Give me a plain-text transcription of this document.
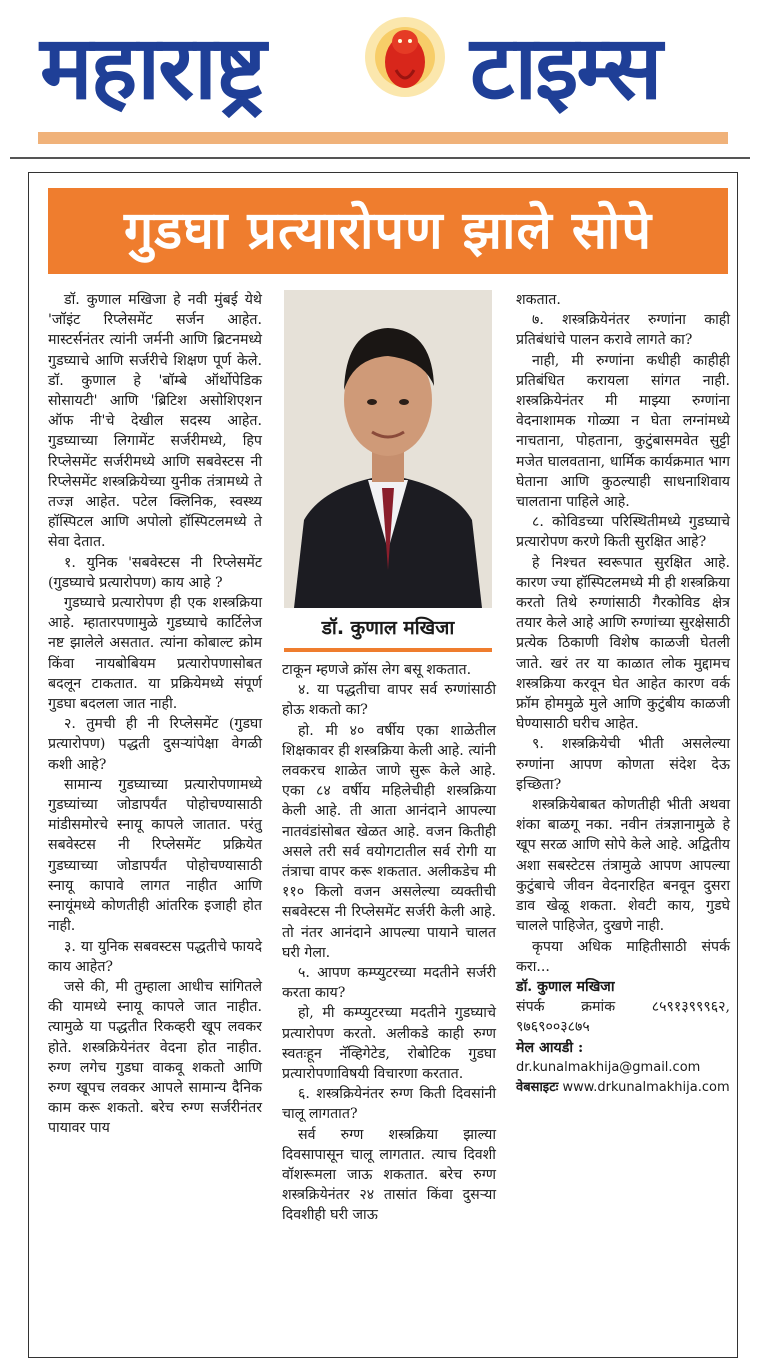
महाराष्ट्र टाइम्स
गुडघा प्रत्यारोपण झाले सोपे

डॉ. कुणाल मखिजा हे नवी मुंबई येथे 'जॉइंट रिप्लेसमेंट सर्जन आहेत. मास्टर्सनंतर त्यांनी जर्मनी आणि ब्रिटनमध्ये गुडघ्याचे आणि सर्जरीचे शिक्षण पूर्ण केले. डॉ. कुणाल हे 'बॉम्बे ऑर्थोपेडिक सोसायटी' आणि 'ब्रिटिश असोशिएशन ऑफ नी'चे देखील सदस्य आहेत. गुडघ्याच्या लिगामेंट सर्जरीमध्ये, हिप रिप्लेसमेंट सर्जरीमध्ये आणि सबवेस्टस नी रिप्लेसमेंट शस्त्रक्रियेच्या युनीक तंत्रामध्ये ते तज्ज्ञ आहेत. पटेल क्लिनिक, स्वस्थ्य हॉस्पिटल आणि अपोलो हॉस्पिटलमध्ये ते सेवा देतात.

१. युनिक 'सबवेस्टस नी रिप्लेसमेंट (गुडघ्याचे प्रत्यारोपण) काय आहे ?

गुडघ्याचे प्रत्यारोपण ही एक शस्त्रक्रिया आहे. म्हातारपणामुळे गुडघ्याचे कार्टिलेज नष्ट झालेले असतात. त्यांना कोबाल्ट क्रोम किंवा नायबोबियम प्रत्यारोपणासोबत बदलून टाकतात. या प्रक्रियेमध्ये संपूर्ण गुडघा बदलला जात नाही.

२. तुमची ही नी रिप्लेसमेंट (गुडघा प्रत्यारोपण) पद्धती दुसऱ्यांपेक्षा वेगळी कशी आहे?

सामान्य गुडघ्याच्या प्रत्यारोपणामध्ये गुडघ्यांच्या जोडापर्यंत पोहोचण्यासाठी मांडीसमोरचे स्नायू कापले जातात. परंतु सबवेस्टस नी रिप्लेसमेंट प्रक्रियेत गुडघ्याच्या जोडापर्यंत पोहोचण्यासाठी स्नायू कापावे लागत नाहीत आणि स्नायूंमध्ये कोणतीही आंतरिक इजाही होत नाही.

३. या युनिक सबवस्टस पद्धतीचे फायदे काय आहेत?

जसे की, मी तुम्हाला आधीच सांगितले की यामध्ये स्नायू कापले जात नाहीत. त्यामुळे या पद्धतीत रिकव्हरी खूप लवकर होते. शस्त्रक्रियेनंतर वेदना होत नाहीत. रुग्ण लगेच गुडघा वाकवू शकतो आणि रुग्ण खूपच लवकर आपले सामान्य दैनिक काम करू शकतो. बरेच रुग्ण सर्जरीनंतर पायावर पाय

डॉ. कुणाल मखिजा

टाकून म्हणजे क्रॉस लेग बसू शकतात.

४. या पद्धतीचा वापर सर्व रुग्णांसाठी होऊ शकतो का?

हो. मी ४० वर्षीय एका शाळेतील शिक्षकावर ही शस्त्रक्रिया केली आहे. त्यांनी लवकरच शाळेत जाणे सुरू केले आहे. एका ८४ वर्षीय महिलेचीही शस्त्रक्रिया केली आहे. ती आता आनंदाने आपल्या नातवंडांसोबत खेळत आहे. वजन कितीही असले तरी सर्व वयोगटातील सर्व रोगी या तंत्राचा वापर करू शकतात. अलीकडेच मी ११० किलो वजन असलेल्या व्यक्तीची सबवेस्टस नी रिप्लेसमेंट सर्जरी केली आहे. तो नंतर आनंदाने आपल्या पायाने चालत घरी गेला.

५. आपण कम्प्युटरच्या मदतीने सर्जरी करता काय?

हो, मी कम्प्युटरच्या मदतीने गुडघ्याचे प्रत्यारोपण करतो. अलीकडे काही रुग्ण स्वतःहून नॅव्हिगेटेड, रोबोटिक गुडघा प्रत्यारोपणाविषयी विचारणा करतात.

६. शस्त्रक्रियेनंतर रुग्ण किती दिवसांनी चालू लागतात?

सर्व रुग्ण शस्त्रक्रिया झाल्या दिवसापासून चालू लागतात. त्याच दिवशी वॉशरूमला जाऊ शकतात. बरेच रुग्ण शस्त्रक्रियेनंतर २४ तासांत किंवा दुसऱ्या दिवशीही घरी जाऊ

शकतात.

७. शस्त्रक्रियेनंतर रुग्णांना काही प्रतिबंधांचे पालन करावे लागते का?

नाही, मी रुग्णांना कधीही काहीही प्रतिबंधित करायला सांगत नाही. शस्त्रक्रियेनंतर मी माझ्या रुग्णांना वेदनाशामक गोळ्या न घेता लग्नांमध्ये नाचताना, पोहताना, कुटुंबासमवेत सुट्टी मजेत घालवताना, धार्मिक कार्यक्रमात भाग घेताना आणि कुठल्याही साधनाशिवाय चालताना पाहिले आहे.

८. कोविडच्या परिस्थितीमध्ये गुडघ्याचे प्रत्यारोपण करणे किती सुरक्षित आहे?

हे निश्चत स्वरूपात सुरक्षित आहे. कारण ज्या हॉस्पिटलमध्ये मी ही शस्त्रक्रिया करतो तिथे रुग्णांसाठी गैरकोविड क्षेत्र तयार केले आहे आणि रुग्णांच्या सुरक्षेसाठी प्रत्येक ठिकाणी विशेष काळजी घेतली जाते. खरं तर या काळात लोक मुद्दामच शस्त्रक्रिया करवून घेत आहेत कारण वर्क फ्रॉम होममुळे मुले आणि कुटुंबीय काळजी घेण्यासाठी घरीच आहेत.

९. शस्त्रक्रियेची भीती असलेल्या रुग्णांना आपण कोणता संदेश देऊ इच्छिता?

शस्त्रक्रियेबाबत कोणतीही भीती अथवा शंका बाळगू नका. नवीन तंत्रज्ञानामुळे हे खूप सरळ आणि सोपे केले आहे. अद्वितीय अशा सबस्टेटस तंत्रामुळे आपण आपल्या कुटुंबाचे जीवन वेदनारहित बनवून दुसरा डाव खेळू शकता. शेवटी काय, गुडघे चालले पाहिजेत, दुखणे नाही.

कृपया अधिक माहितीसाठी संपर्क करा...

डॉ. कुणाल मखिजा

संपर्क क्रमांक	८५९१३९९९६२, ९७६९००३८७५

मेल आयडी :

dr.kunalmakhija@gmail.com

वेबसाइटः www.drkunalmakhija.com
